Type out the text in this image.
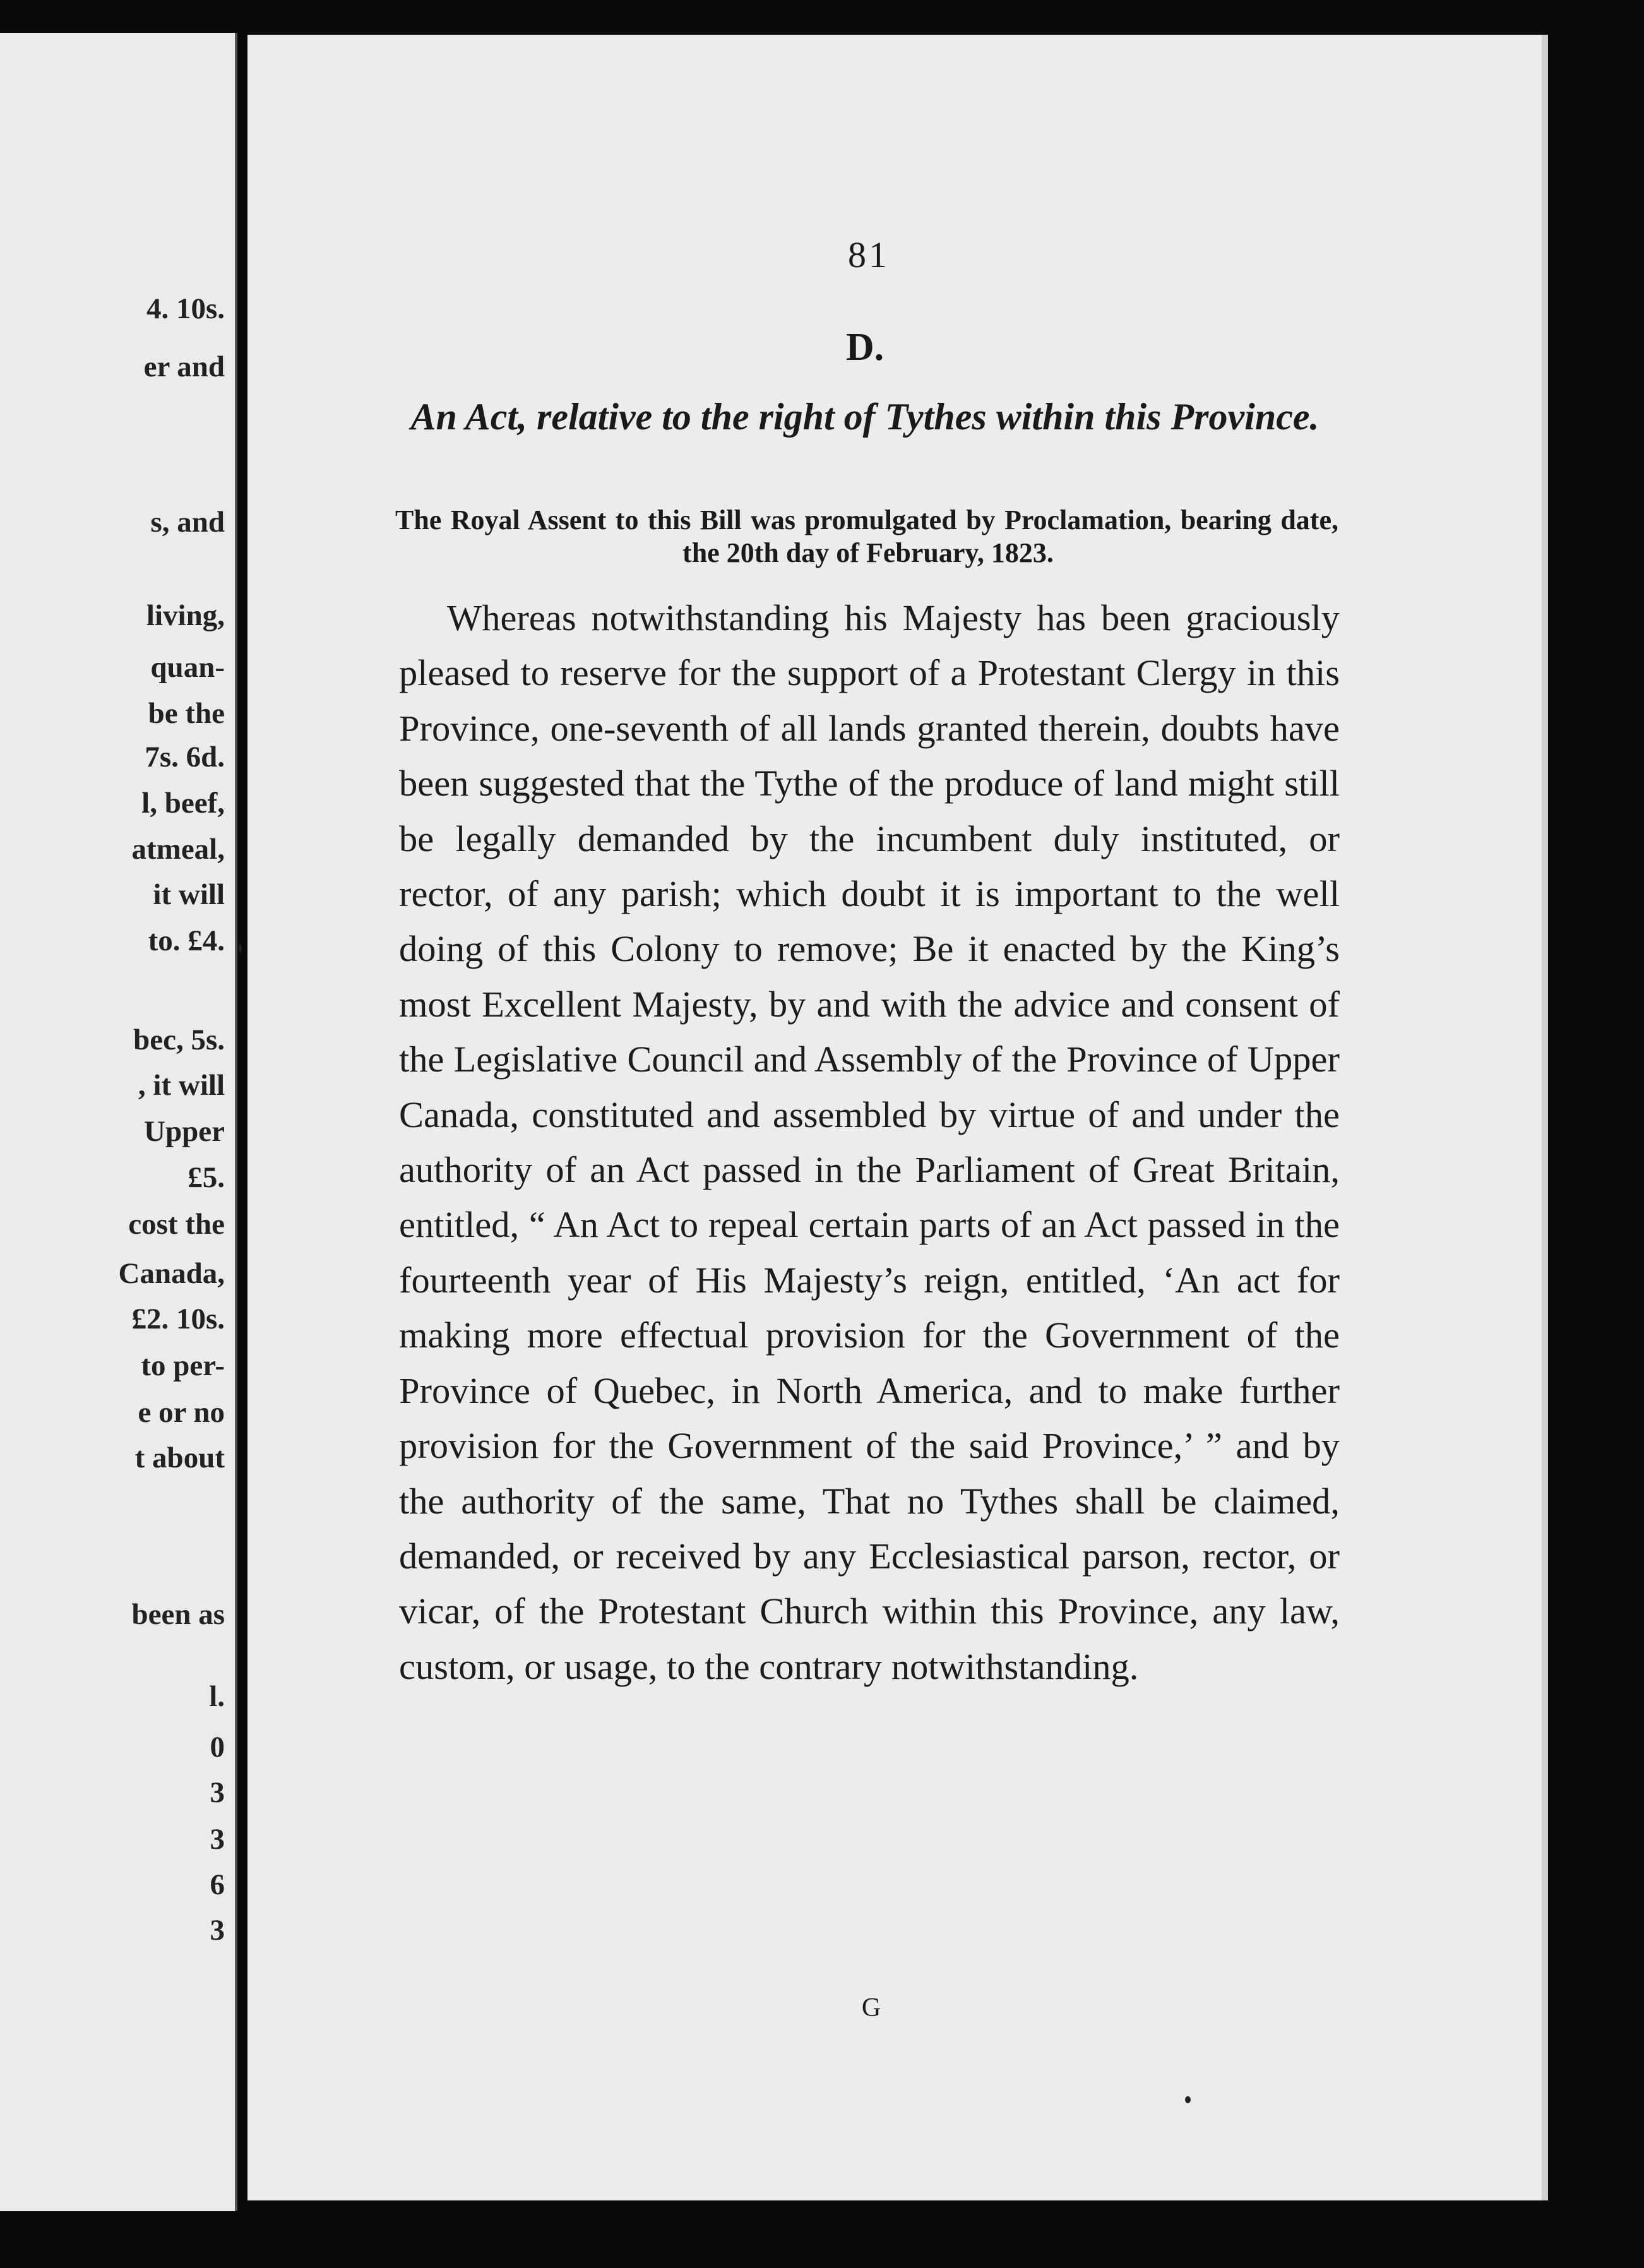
4. 10s.
er and
s, and
living,
quan-
be the
7s. 6d.
l, beef,
atmeal,
it will
to. £4.
bec, 5s.
, it will
Upper
£5.
cost the
Canada,
£2. 10s.
to per-
e or no
t about
been as
l.
0
3
3
6
3
81
D.
An Act, relative to the right of Tythes within this Province.
The Royal Assent to this Bill was promulgated by Proclamation, bearing date, the 20th day of February, 1823.
Whereas notwithstanding his Majesty has been graciously pleased to reserve for the support of a Protestant Clergy in this Province, one-seventh of all lands granted therein, doubts have been suggested that the Tythe of the produce of land might still be legally demanded by the incumbent duly instituted, or rector, of any parish; which doubt it is important to the well doing of this Colony to remove; Be it enacted by the King’s most Excellent Majesty, by and with the advice and consent of the Legislative Council and Assembly of the Province of Upper Canada, constituted and assembled by virtue of and under the authority of an Act passed in the Parliament of Great Britain, entitled, “ An Act to repeal certain parts of an Act passed in the fourteenth year of His Majesty’s reign, entitled, ‘An act for making more effectual provision for the Government of the Province of Quebec, in North America, and to make further provision for the Government of the said Province,’ ” and by the authority of the same, That no Tythes shall be claimed, demanded, or received by any Ecclesiastical parson, rector, or vicar, of the Protestant Church within this Province, any law, custom, or usage, to the contrary notwithstanding.
G
